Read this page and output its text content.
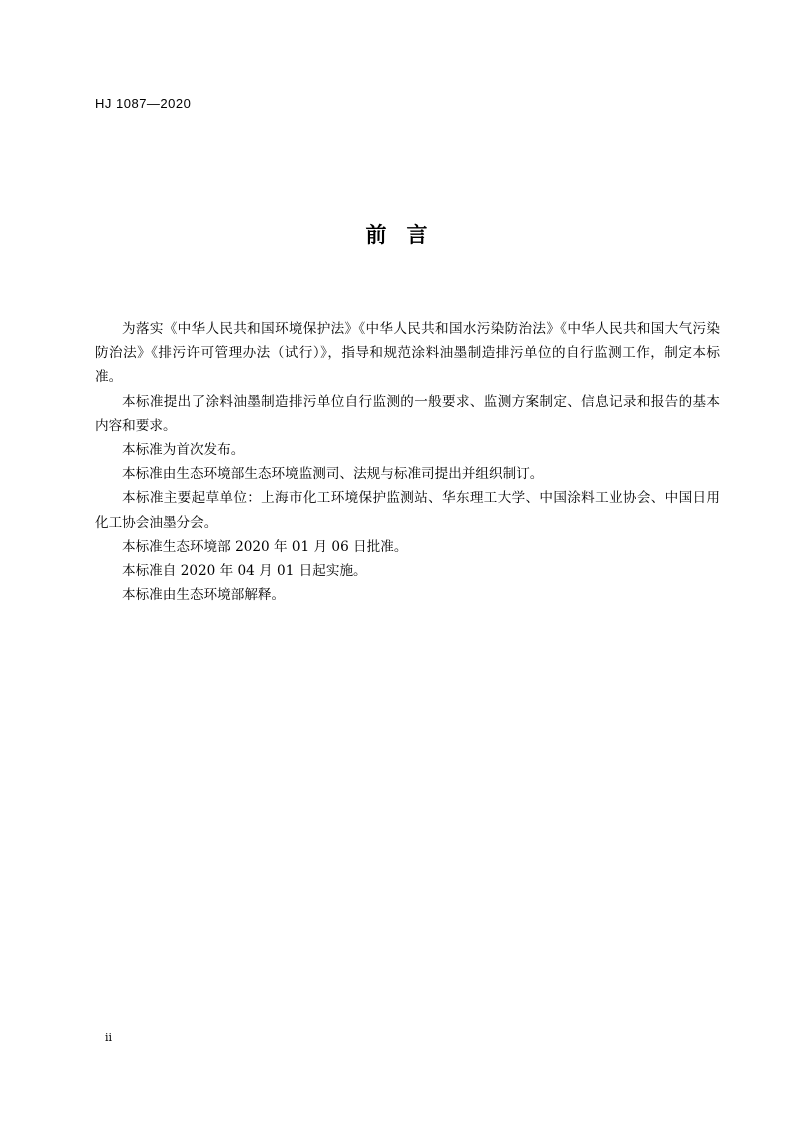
HJ 1087—2020
前言

为落实《中华人民共和国环境保护法》《中华人民共和国水污染防治法》《中华人民共和国大气污染防治法》《排污许可管理办法（试行）》，指导和规范涂料油墨制造排污单位的自行监测工作，制定本标准。

本标准提出了涂料油墨制造排污单位自行监测的一般要求、监测方案制定、信息记录和报告的基本内容和要求。

本标准为首次发布。

本标准由生态环境部生态环境监测司、法规与标准司提出并组织制订。

本标准主要起草单位：上海市化工环境保护监测站、华东理工大学、中国涂料工业协会、中国日用化工协会油墨分会。

本标准生态环境部 2020 年 01 月 06 日批准。

本标准自 2020 年 04 月 01 日起实施。

本标准由生态环境部解释。

ii
